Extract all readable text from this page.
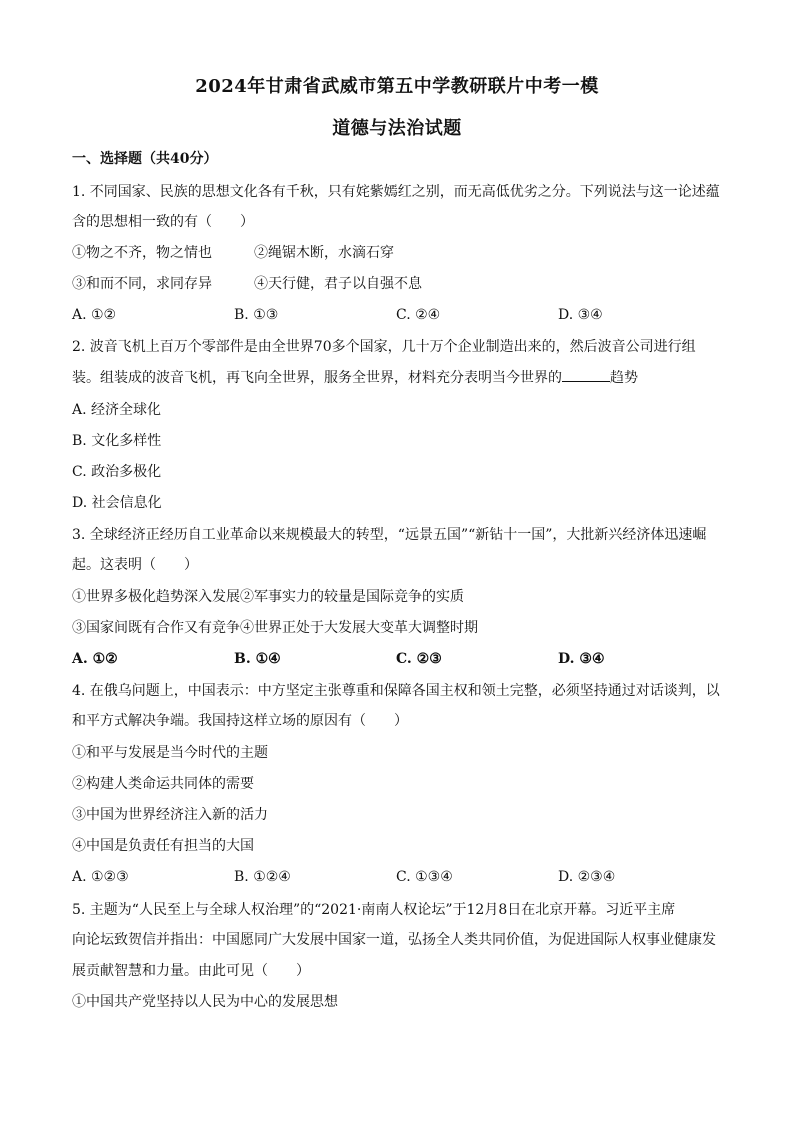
2024年甘肃省武威市第五中学教研联片中考一模
道德与法治试题
一、选择题（共40分）
1. 不同国家、民族的思想文化各有千秋，只有姹紫嫣红之别，而无高低优劣之分。下列说法与这一论述蕴
含的思想相一致的有（　　）
①物之不齐，物之情也	②绳锯木断，水滴石穿
③和而不同，求同存异	④天行健，君子以自强不息
A. ①②	B. ①③	C. ②④	D. ③④
2. 波音飞机上百万个零部件是由全世界70多个国家，几十万个企业制造出来的，然后波音公司进行组
装。组装成的波音飞机，再飞向全世界，服务全世界，材料充分表明当今世界的	趋势
A. 经济全球化
B. 文化多样性
C. 政治多极化
D. 社会信息化
3. 全球经济正经历自工业革命以来规模最大的转型，“远景五国”“新钻十一国”，大批新兴经济体迅速崛
起。这表明（　　）
①世界多极化趋势深入发展②军事实力的较量是国际竞争的实质
③国家间既有合作又有竞争④世界正处于大发展大变革大调整时期
A. ①②	B. ①④	C. ②③	D. ③④
4. 在俄乌问题上，中国表示：中方坚定主张尊重和保障各国主权和领土完整，必须坚持通过对话谈判，以
和平方式解决争端。我国持这样立场的原因有（　　）
①和平与发展是当今时代的主题
②构建人类命运共同体的需要
③中国为世界经济注入新的活力
④中国是负责任有担当的大国
A. ①②③	B. ①②④	C. ①③④	D. ②③④
5. 主题为“人民至上与全球人权治理”的“2021·南南人权论坛”于12月8日在北京开幕。习近平主席
向论坛致贺信并指出：中国愿同广大发展中国家一道，弘扬全人类共同价值，为促进国际人权事业健康发
展贡献智慧和力量。由此可见（　　）
①中国共产党坚持以人民为中心的发展思想
